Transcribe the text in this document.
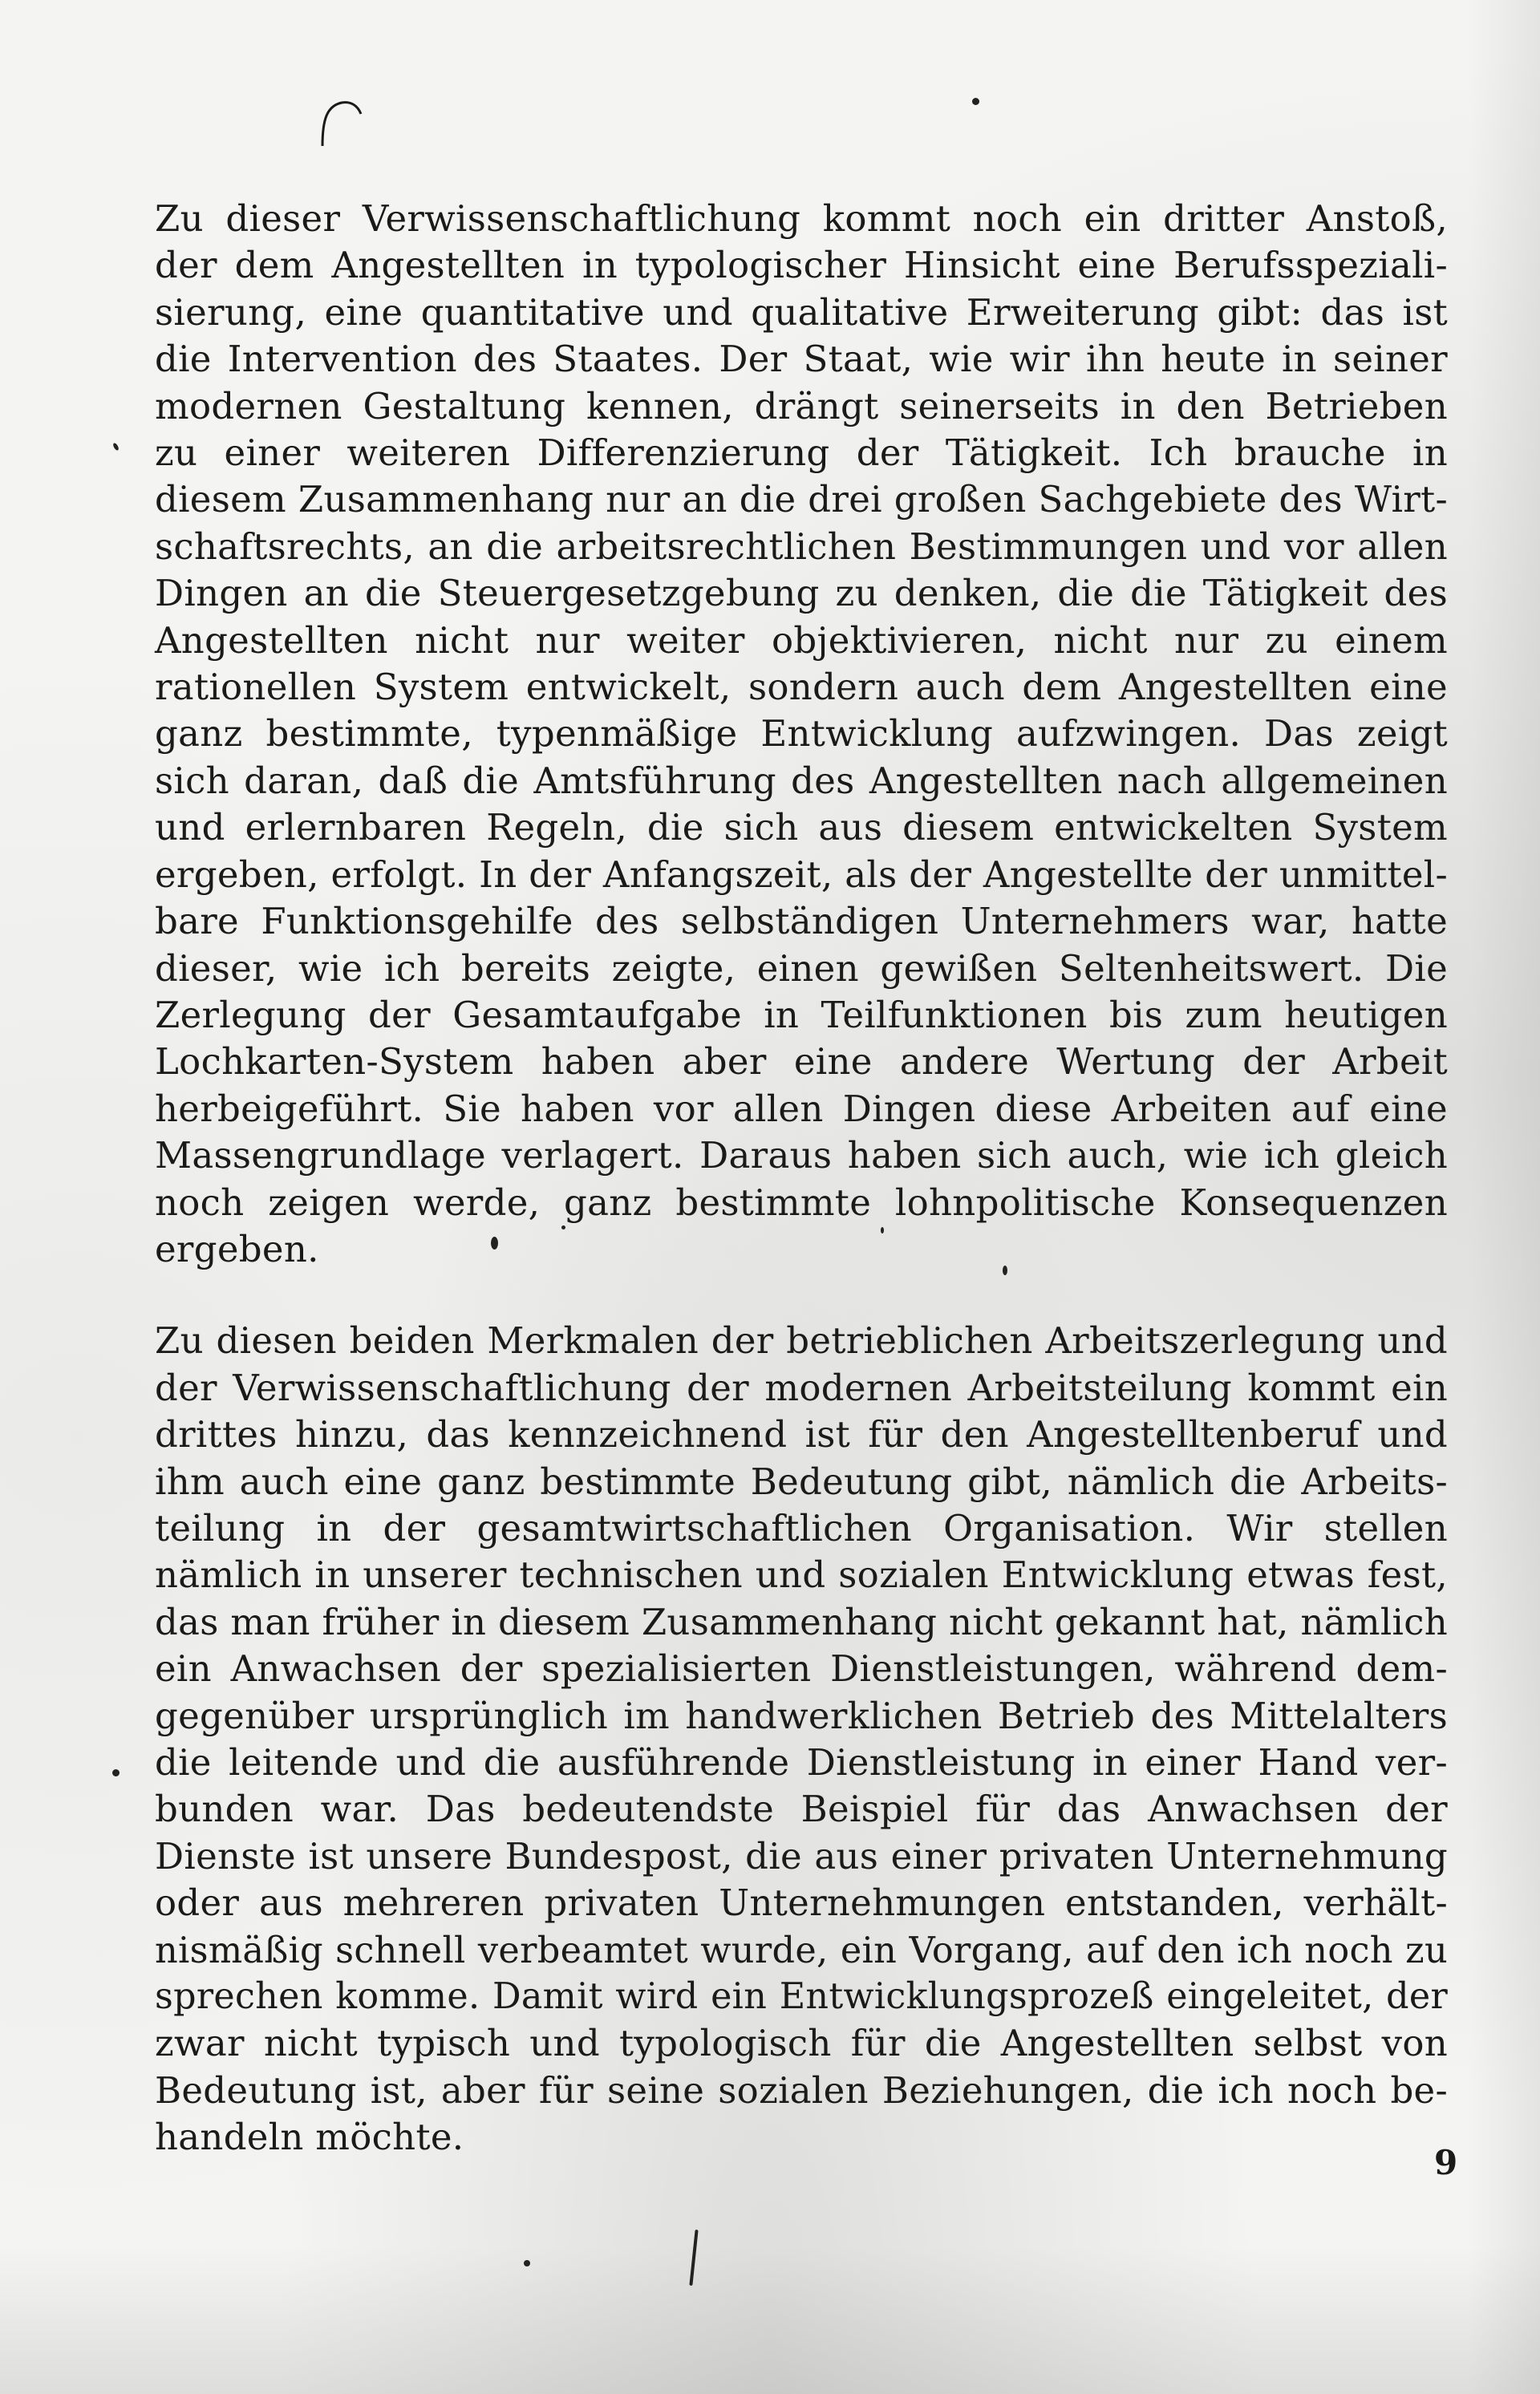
Zu dieser Verwissenschaftlichung kommt noch ein dritter Anstoß,
der dem Angestellten in typologischer Hinsicht eine Berufsspeziali-
sierung, eine quantitative und qualitative Erweiterung gibt: das ist
die Intervention des Staates. Der Staat, wie wir ihn heute in seiner
modernen Gestaltung kennen, drängt seinerseits in den Betrieben
zu einer weiteren Differenzierung der Tätigkeit. Ich brauche in
diesem Zusammenhang nur an die drei großen Sachgebiete des Wirt-
schaftsrechts, an die arbeitsrechtlichen Bestimmungen und vor allen
Dingen an die Steuergesetzgebung zu denken, die die Tätigkeit des
Angestellten nicht nur weiter objektivieren, nicht nur zu einem
rationellen System entwickelt, sondern auch dem Angestellten eine
ganz bestimmte, typenmäßige Entwicklung aufzwingen. Das zeigt
sich daran, daß die Amtsführung des Angestellten nach allgemeinen
und erlernbaren Regeln, die sich aus diesem entwickelten System
ergeben, erfolgt. In der Anfangszeit, als der Angestellte der unmittel-
bare Funktionsgehilfe des selbständigen Unternehmers war, hatte
dieser, wie ich bereits zeigte, einen gewißen Seltenheitswert. Die
Zerlegung der Gesamtaufgabe in Teilfunktionen bis zum heutigen
Lochkarten-System haben aber eine andere Wertung der Arbeit
herbeigeführt. Sie haben vor allen Dingen diese Arbeiten auf eine
Massengrundlage verlagert. Daraus haben sich auch, wie ich gleich
noch zeigen werde, ganz bestimmte lohnpolitische Konsequenzen
ergeben.
Zu diesen beiden Merkmalen der betrieblichen Arbeitszerlegung und
der Verwissenschaftlichung der modernen Arbeitsteilung kommt ein
drittes hinzu, das kennzeichnend ist für den Angestelltenberuf und
ihm auch eine ganz bestimmte Bedeutung gibt, nämlich die Arbeits-
teilung in der gesamtwirtschaftlichen Organisation. Wir stellen
nämlich in unserer technischen und sozialen Entwicklung etwas fest,
das man früher in diesem Zusammenhang nicht gekannt hat, nämlich
ein Anwachsen der spezialisierten Dienstleistungen, während dem-
gegenüber ursprünglich im handwerklichen Betrieb des Mittelalters
die leitende und die ausführende Dienstleistung in einer Hand ver-
bunden war. Das bedeutendste Beispiel für das Anwachsen der
Dienste ist unsere Bundespost, die aus einer privaten Unternehmung
oder aus mehreren privaten Unternehmungen entstanden, verhält-
nismäßig schnell verbeamtet wurde, ein Vorgang, auf den ich noch zu
sprechen komme. Damit wird ein Entwicklungsprozeß eingeleitet, der
zwar nicht typisch und typologisch für die Angestellten selbst von
Bedeutung ist, aber für seine sozialen Beziehungen, die ich noch be-
handeln möchte.
9
